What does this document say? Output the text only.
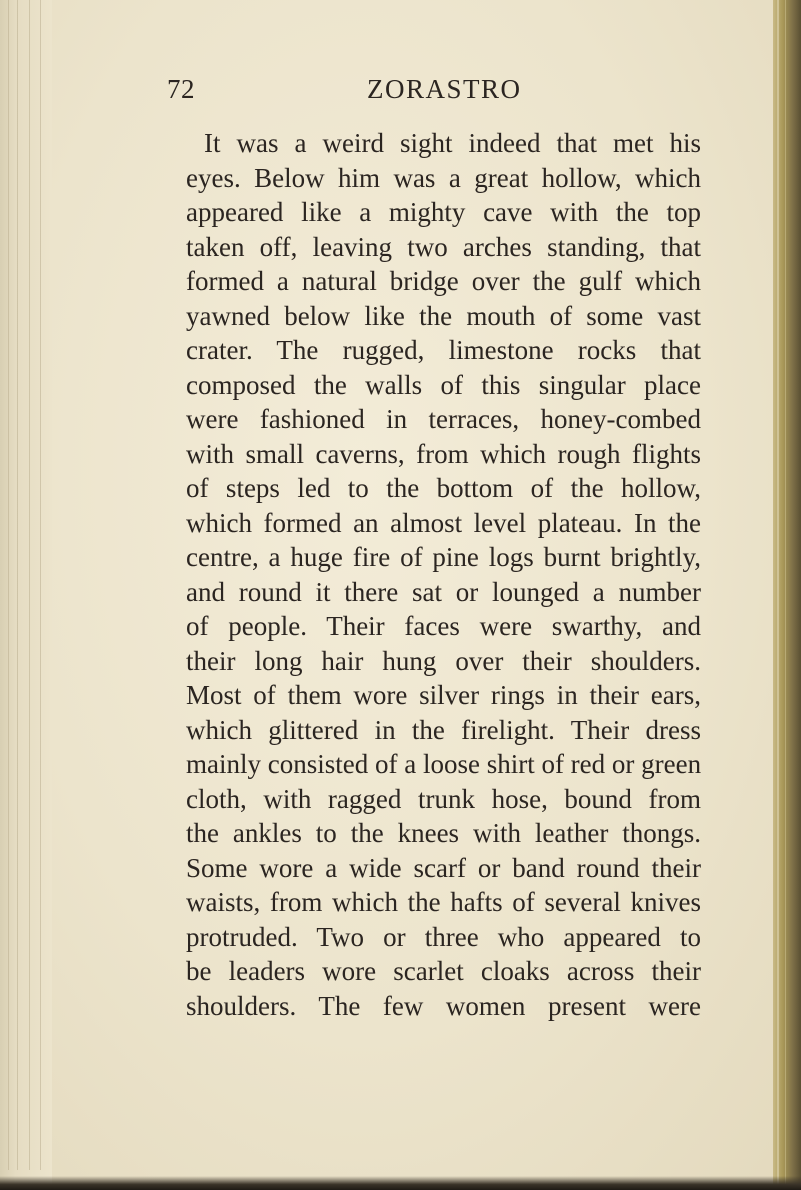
72	ZORASTRO
It was a weird sight indeed that met his
eyes. Below him was a great hollow, which
appeared like a mighty cave with the top
taken off, leaving two arches standing, that
formed a natural bridge over the gulf which
yawned below like the mouth of some vast
crater. The rugged, limestone rocks that
composed the walls of this singular place
were fashioned in terraces, honey-combed
with small caverns, from which rough flights
of steps led to the bottom of the hollow,
which formed an almost level plateau. In the
centre, a huge fire of pine logs burnt brightly,
and round it there sat or lounged a number
of people. Their faces were swarthy, and
their long hair hung over their shoulders.
Most of them wore silver rings in their ears,
which glittered in the firelight. Their dress
mainly consisted of a loose shirt of red or green
cloth, with ragged trunk hose, bound from
the ankles to the knees with leather thongs.
Some wore a wide scarf or band round their
waists, from which the hafts of several knives
protruded. Two or three who appeared to
be leaders wore scarlet cloaks across their
shoulders. The few women present were
